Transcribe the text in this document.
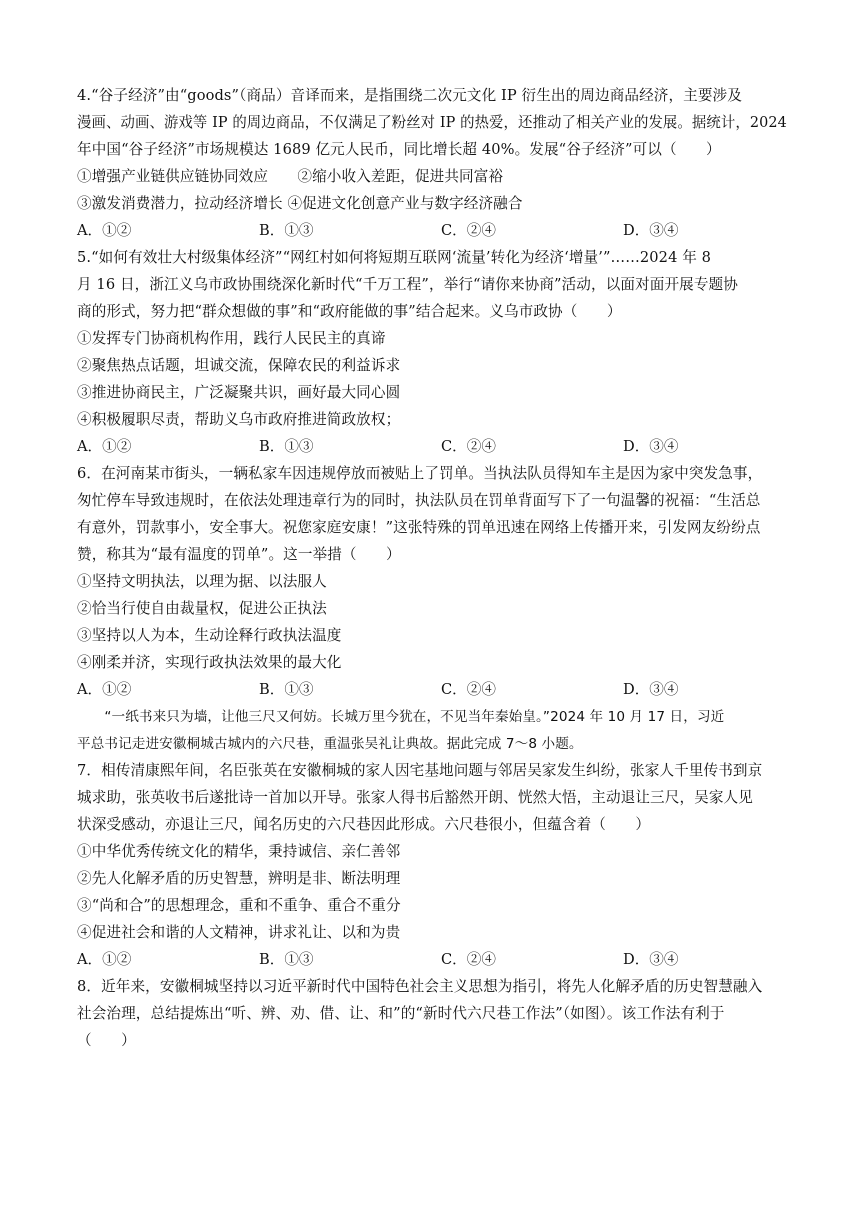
4.“谷子经济”由“goods”（商品）音译而来，是指围绕二次元文化 IP 衍生出的周边商品经济，主要涉及
漫画、动画、游戏等 IP 的周边商品，不仅满足了粉丝对 IP 的热爱，还推动了相关产业的发展。据统计，2024
年中国“谷子经济”市场规模达 1689 亿元人民币，同比增长超 40%。发展“谷子经济”可以（　　）
①增强产业链供应链协同效应　　②缩小收入差距，促进共同富裕
③激发消费潜力，拉动经济增长 ④促进文化创意产业与数字经济融合
A．①②	B．①③	C．②④	D．③④
5.“如何有效壮大村级集体经济”“网红村如何将短期互联网‘流量’转化为经济‘增量’”……2024 年 8
月 16 日，浙江义乌市政协围绕深化新时代“千万工程”，举行“请你来协商”活动，以面对面开展专题协
商的形式，努力把“群众想做的事”和“政府能做的事”结合起来。义乌市政协（　　）
①发挥专门协商机构作用，践行人民民主的真谛
②聚焦热点话题，坦诚交流，保障农民的利益诉求
③推进协商民主，广泛凝聚共识，画好最大同心圆
④积极履职尽责，帮助义乌市政府推进简政放权；
A．①②	B．①③	C．②④	D．③④
6．在河南某市街头，一辆私家车因违规停放而被贴上了罚单。当执法队员得知车主是因为家中突发急事，
匆忙停车导致违规时，在依法处理违章行为的同时，执法队员在罚单背面写下了一句温馨的祝福：“生活总
有意外，罚款事小，安全事大。祝您家庭安康！”这张特殊的罚单迅速在网络上传播开来，引发网友纷纷点
赞，称其为“最有温度的罚单”。这一举措（　　）
①坚持文明执法，以理为据、以法服人
②恰当行使自由裁量权，促进公正执法
③坚持以人为本，生动诠释行政执法温度
④刚柔并济，实现行政执法效果的最大化
A．①②	B．①③	C．②④	D．③④
　　“一纸书来只为墙，让他三尺又何妨。长城万里今犹在，不见当年秦始皇。”2024 年 10 月 17 日，习近
平总书记走进安徽桐城古城内的六尺巷，重温张吴礼让典故。据此完成 7～8 小题。
7．相传清康熙年间，名臣张英在安徽桐城的家人因宅基地问题与邻居吴家发生纠纷，张家人千里传书到京
城求助，张英收书后遂批诗一首加以开导。张家人得书后豁然开朗、恍然大悟，主动退让三尺，吴家人见
状深受感动，亦退让三尺，闻名历史的六尺巷因此形成。六尺巷很小，但蕴含着（　　）
①中华优秀传统文化的精华，秉持诚信、亲仁善邻
②先人化解矛盾的历史智慧，辨明是非、断法明理
③“尚和合”的思想理念，重和不重争、重合不重分
④促进社会和谐的人文精神，讲求礼让、以和为贵
A．①②	B．①③	C．②④	D．③④
8．近年来，安徽桐城坚持以习近平新时代中国特色社会主义思想为指引，将先人化解矛盾的历史智慧融入
社会治理，总结提炼出“听、辨、劝、借、让、和”的“新时代六尺巷工作法”（如图）。该工作法有利于
（　　）
